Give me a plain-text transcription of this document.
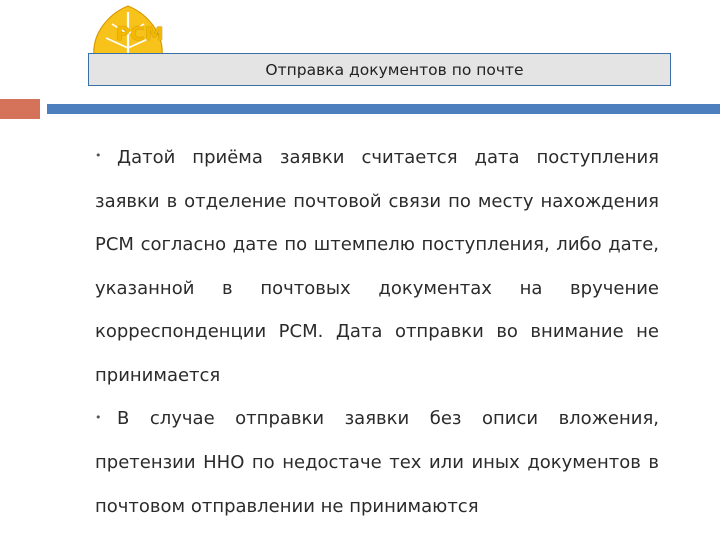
РСМ
Отправка документов по почте

• Датой приёма заявки считается дата поступления заявки в отделение почтовой связи по месту нахождения РСМ согласно дате по штемпелю поступления, либо дате, указанной в почтовых документах на вручение корреспонденции РСМ. Дата отправки во внимание не принимается

• В случае отправки заявки без описи вложения, претензии ННО по недостаче тех или иных документов в почтовом отправлении не принимаются
